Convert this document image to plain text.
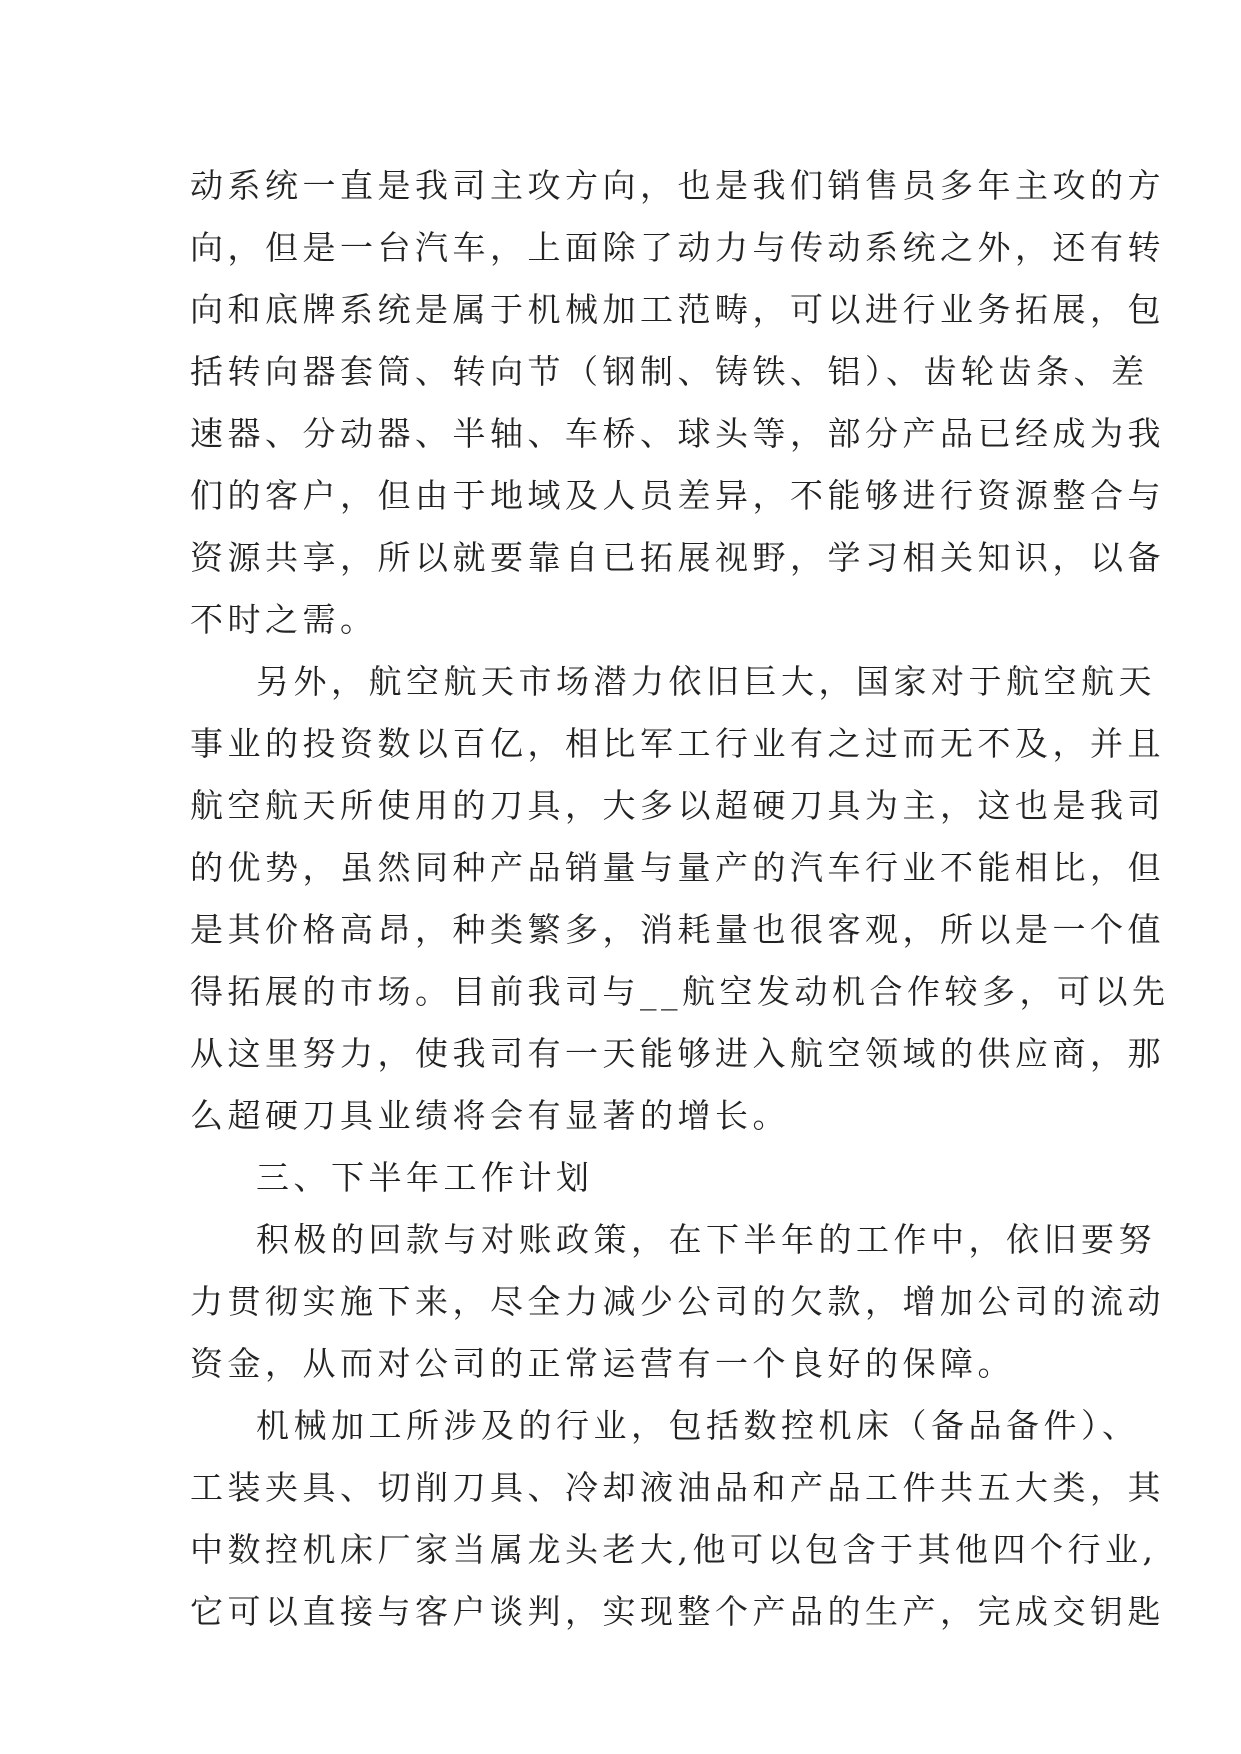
动系统一直是我司主攻方向，也是我们销售员多年主攻的方
向，但是一台汽车，上面除了动力与传动系统之外，还有转
向和底牌系统是属于机械加工范畴，可以进行业务拓展，包
括转向器套筒、转向节（钢制、铸铁、铝）、齿轮齿条、差
速器、分动器、半轴、车桥、球头等，部分产品已经成为我
们的客户，但由于地域及人员差异，不能够进行资源整合与
资源共享，所以就要靠自已拓展视野，学习相关知识，以备
不时之需。
另外，航空航天市场潜力依旧巨大，国家对于航空航天
事业的投资数以百亿，相比军工行业有之过而无不及，并且
航空航天所使用的刀具，大多以超硬刀具为主，这也是我司
的优势，虽然同种产品销量与量产的汽车行业不能相比，但
是其价格高昂，种类繁多，消耗量也很客观，所以是一个值
得拓展的市场。目前我司与__航空发动机合作较多，可以先
从这里努力，使我司有一天能够进入航空领域的供应商，那
么超硬刀具业绩将会有显著的增长。
三、下半年工作计划
积极的回款与对账政策，在下半年的工作中，依旧要努
力贯彻实施下来，尽全力减少公司的欠款，增加公司的流动
资金，从而对公司的正常运营有一个良好的保障。
机械加工所涉及的行业，包括数控机床（备品备件）、
工装夹具、切削刀具、冷却液油品和产品工件共五大类，其
中数控机床厂家当属龙头老大,他可以包含于其他四个行业,
它可以直接与客户谈判，实现整个产品的生产，完成交钥匙
